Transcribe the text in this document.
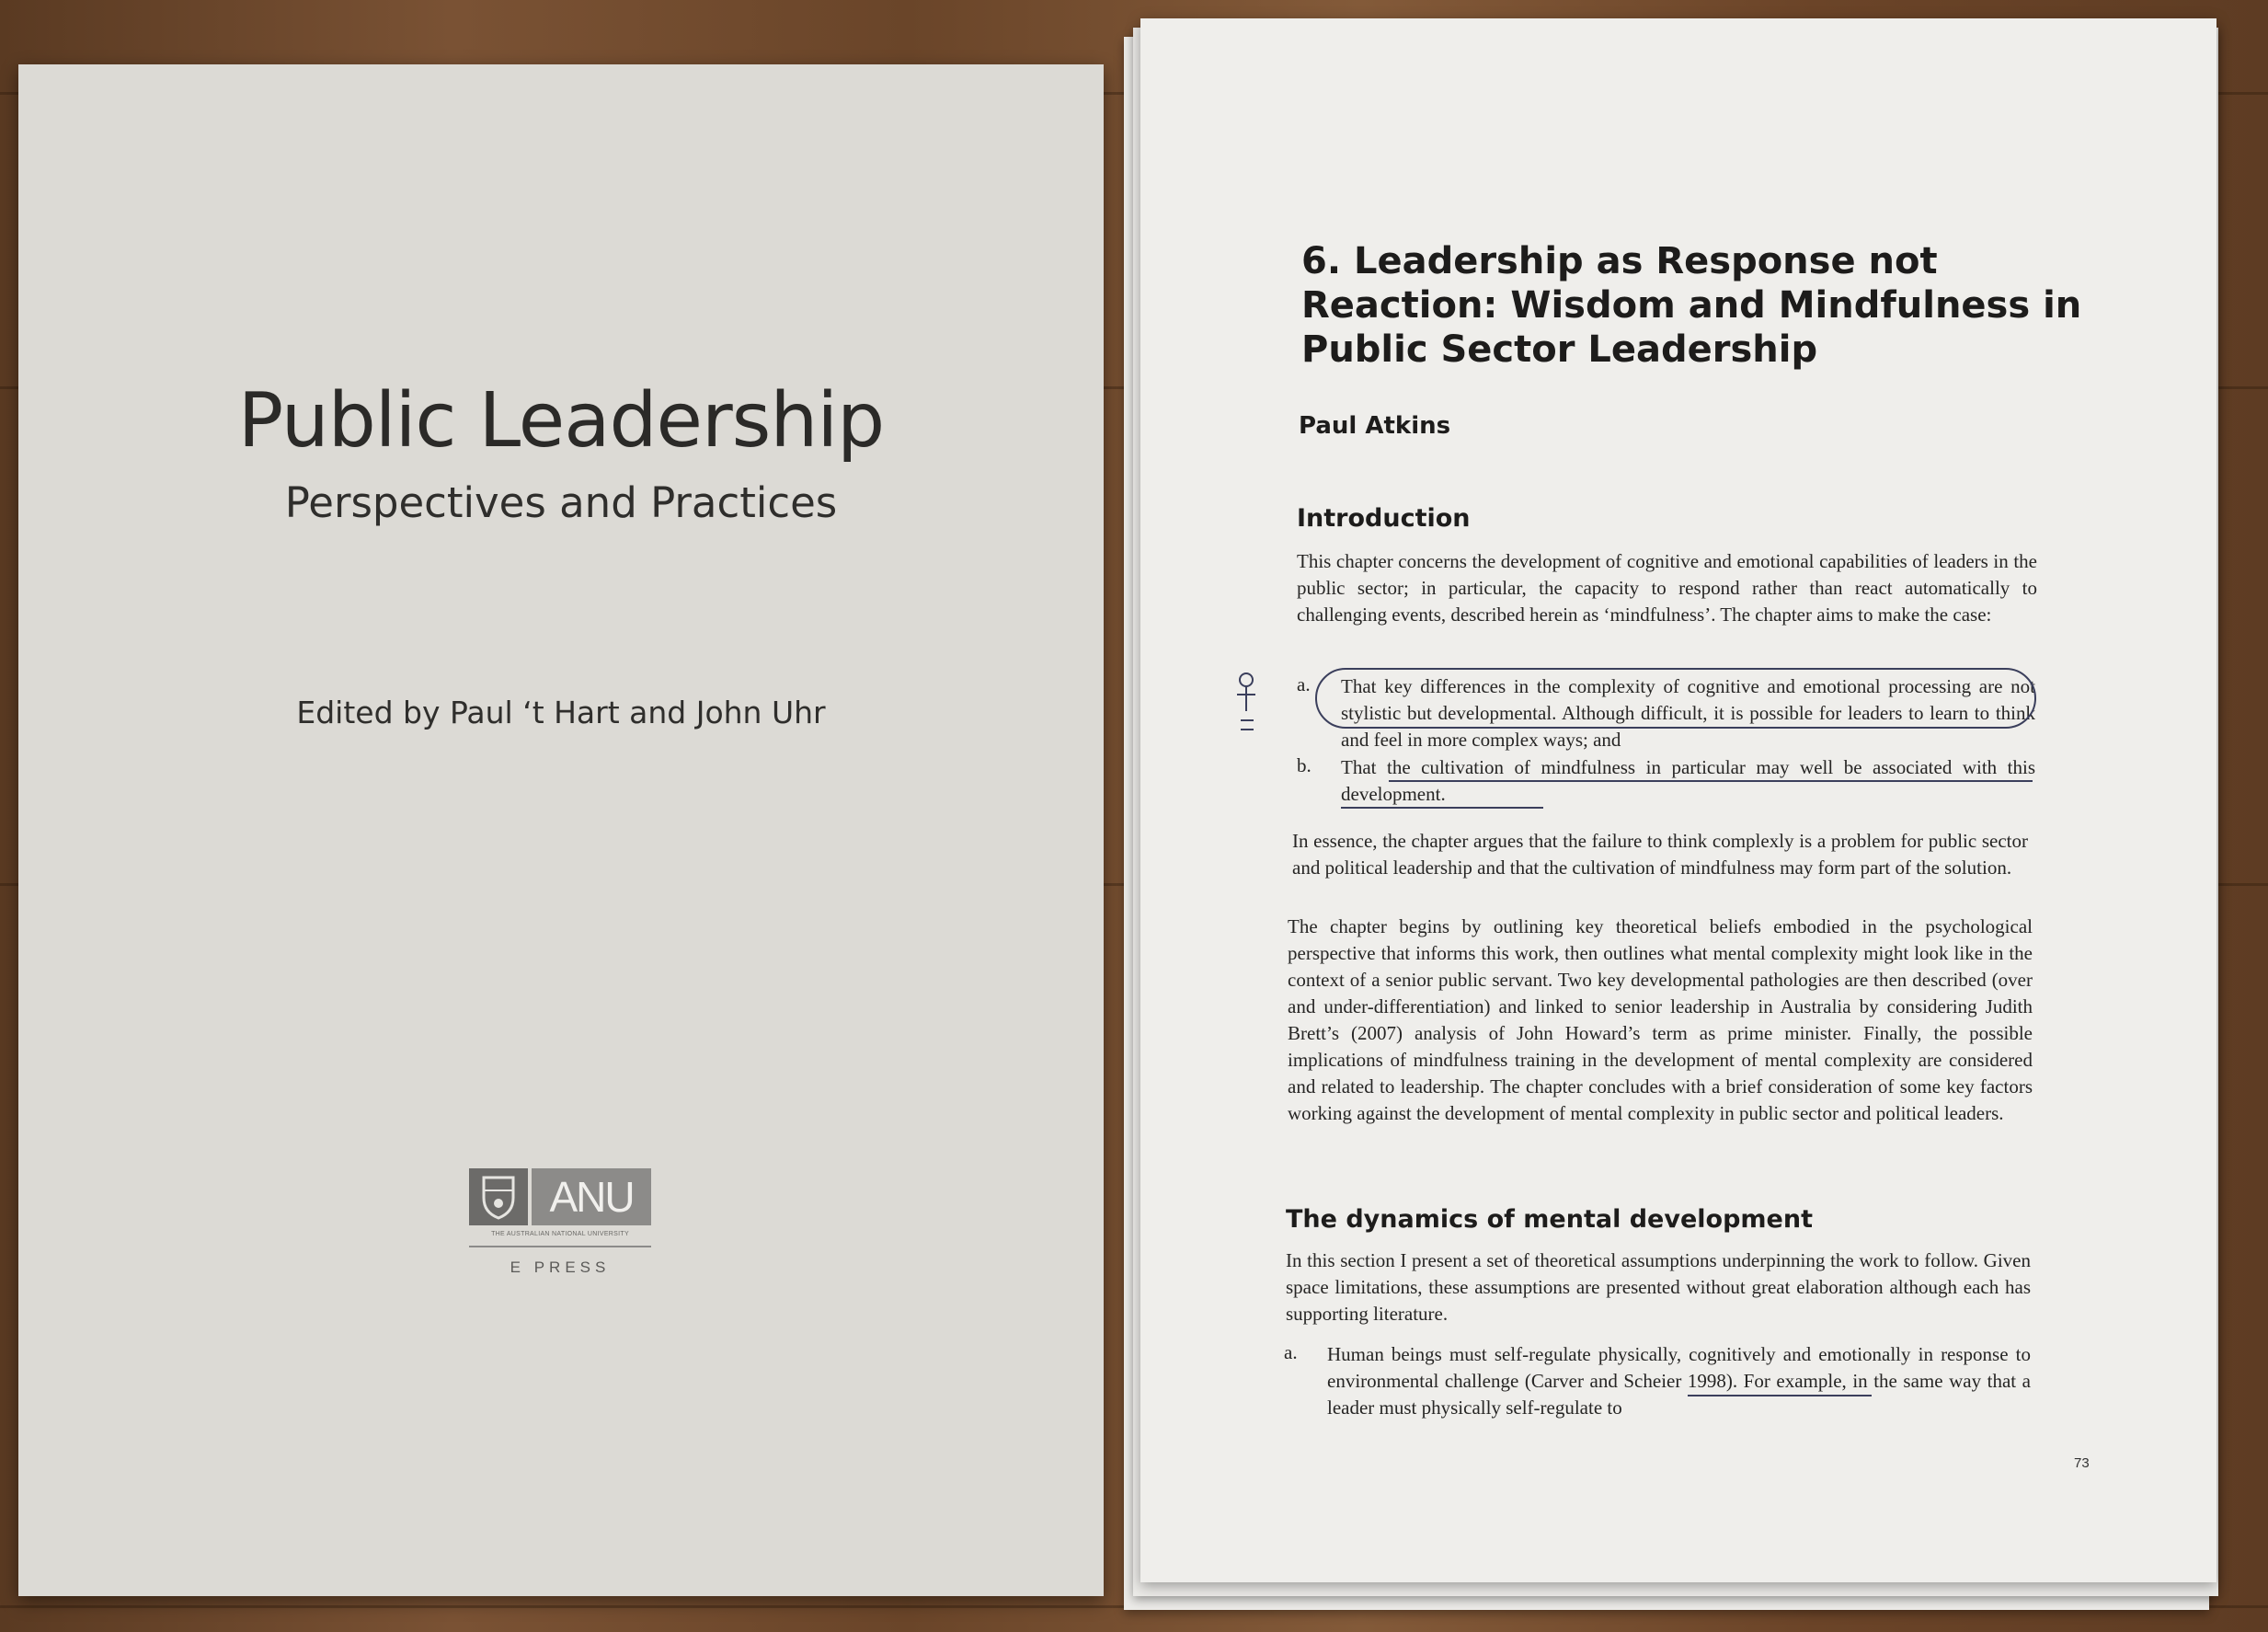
Public Leadership
Perspectives and Practices
Edited by Paul ‘t Hart and John Uhr
ANU
THE AUSTRALIAN NATIONAL UNIVERSITY
E PRESS
6. Leadership as Response not Reaction: Wisdom and Mindfulness in Public Sector Leadership
Paul Atkins
Introduction
This chapter concerns the development of cognitive and emotional capabilities of leaders in the public sector; in particular, the capacity to respond rather than react automatically to challenging events, described herein as ‘mindfulness’. The chapter aims to make the case:
a. That key differences in the complexity of cognitive and emotional processing are not stylistic but developmental. Although difficult, it is possible for leaders to learn to think and feel in more complex ways; and
b. That the cultivation of mindfulness in particular may well be associated with this development.
In essence, the chapter argues that the failure to think complexly is a problem for public sector and political leadership and that the cultivation of mindfulness may form part of the solution.
The chapter begins by outlining key theoretical beliefs embodied in the psychological perspective that informs this work, then outlines what mental complexity might look like in the context of a senior public servant. Two key developmental pathologies are then described (over and under-differentiation) and linked to senior leadership in Australia by considering Judith Brett’s (2007) analysis of John Howard’s term as prime minister. Finally, the possible implications of mindfulness training in the development of mental complexity are considered and related to leadership. The chapter concludes with a brief consideration of some key factors working against the development of mental complexity in public sector and political leaders.
The dynamics of mental development
In this section I present a set of theoretical assumptions underpinning the work to follow. Given space limitations, these assumptions are presented without great elaboration although each has supporting literature.
a. Human beings must self-regulate physically, cognitively and emotionally in response to environmental challenge (Carver and Scheier 1998). For example, in the same way that a leader must physically self-regulate to
73
